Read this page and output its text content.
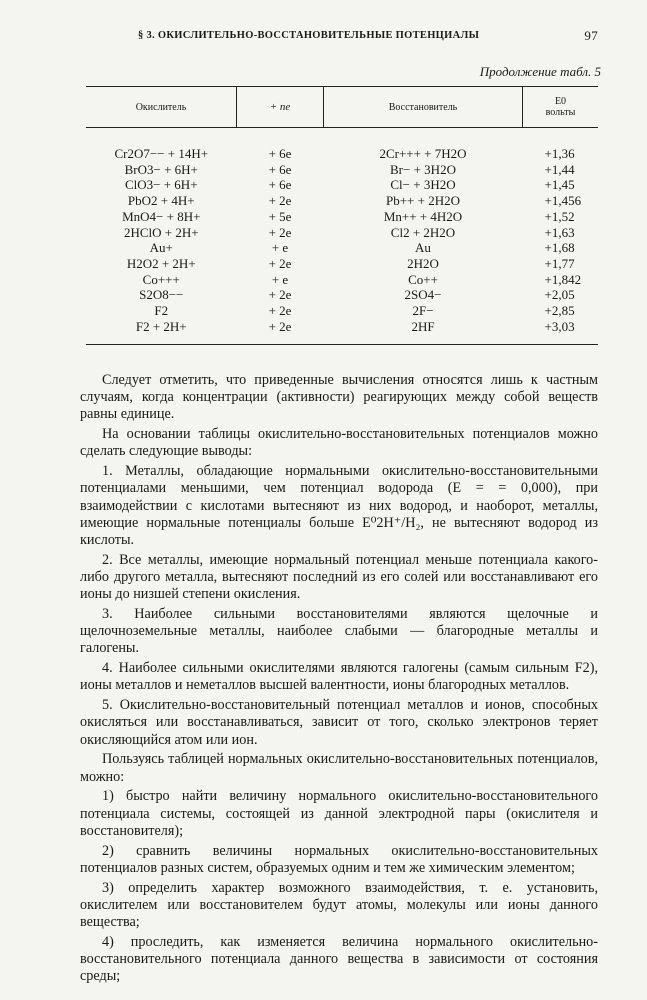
§ 3. ОКИСЛИТЕЛЬНО-ВОССТАНОВИТЕЛЬНЫЕ ПОТЕНЦИАЛЫ	97
Продолжение табл. 5
Окислитель	+ nе	Восстановитель	E0
вольты
Cr2O7−− + 14H+	+ 6е	2Cr+++ + 7H2O	+1,36
BrO3− + 6H+	+ 6е	Br− + 3H2O	+1,44
ClO3− + 6H+	+ 6е	Cl− + 3H2O	+1,45
PbO2 + 4H+	+ 2е	Pb++ + 2H2O	+1,456
MnO4− + 8H+	+ 5е	Mn++ + 4H2O	+1,52
2HClO + 2H+	+ 2е	Cl2 + 2H2O	+1,63
Au+	+ е	Au	+1,68
H2O2 + 2H+	+ 2е	2H2O	+1,77
Co+++	+ е	Co++	+1,842
S2O8−−	+ 2е	2SO4−	+2,05
F2	+ 2е	2F−	+2,85
F2 + 2H+	+ 2е	2HF	+3,03

Следует отметить, что приведенные вычисления относятся лишь к частным случаям, когда концентрации (активности) реагирующих между собой веществ равны единице.

На основании таблицы окислительно-восстановительных потенциалов можно сделать следующие выводы:

1. Металлы, обладающие нормальными окислительно-восстановительными потенциалами меньшими, чем потенциал водорода (E = = 0,000), при взаимодействии с кислотами вытесняют из них водород, и наоборот, металлы, имеющие нормальные потенциалы больше E⁰2H⁺/H₂, не вытесняют водород из кислоты.

2. Все металлы, имеющие нормальный потенциал меньше потенциала какого-либо другого металла, вытесняют последний из его солей или восстанавливают его ионы до низшей степени окисления.

3. Наиболее сильными восстановителями являются щелочные и щелочноземельные металлы, наиболее слабыми — благородные металлы и галогены.

4. Наиболее сильными окислителями являются галогены (самым сильным F2), ионы металлов и неметаллов высшей валентности, ионы благородных металлов.

5. Окислительно-восстановительный потенциал металлов и ионов, способных окисляться или восстанавливаться, зависит от того, сколько электронов теряет окисляющийся атом или ион.

Пользуясь таблицей нормальных окислительно-восстановительных потенциалов, можно:

1) быстро найти величину нормального окислительно-восстановительного потенциала системы, состоящей из данной электродной пары (окислителя и восстановителя);

2) сравнить величины нормальных окислительно-восстановительных потенциалов разных систем, образуемых одним и тем же химическим элементом;

3) определить характер возможного взаимодействия, т. е. установить, окислителем или восстановителем будут атомы, молекулы или ионы данного вещества;

4) проследить, как изменяется величина нормального окислительно-восстановительного потенциала данного вещества в зависимости от состояния среды;
